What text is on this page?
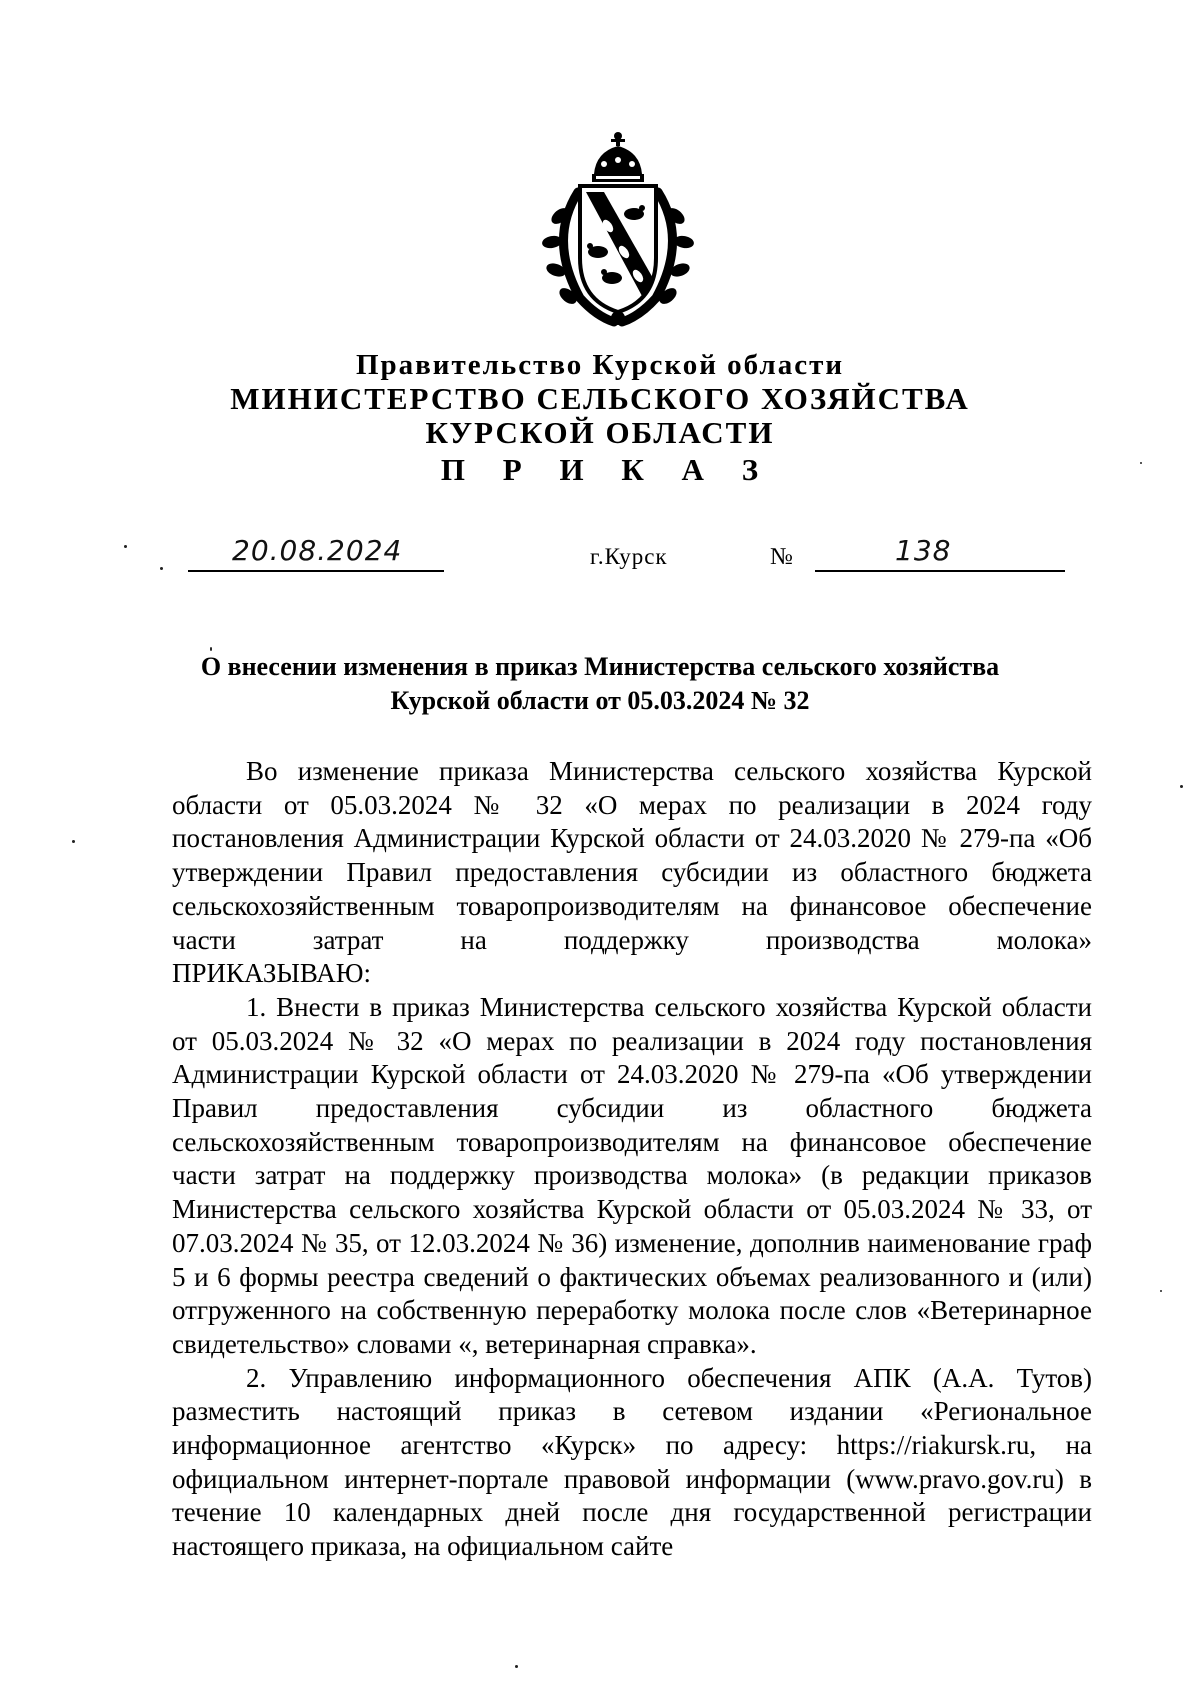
Правительство Курской области
МИНИСТЕРСТВО СЕЛЬСКОГО ХОЗЯЙСТВА
КУРСКОЙ ОБЛАСТИ
П Р И К А З
20.08.2024	г.Курск	№	138
О внесении изменения в приказ Министерства сельского хозяйства
Курской области от 05.03.2024 № 32

Во изменение приказа Министерства сельского хозяйства Курской области от 05.03.2024 № 32 «О мерах по реализации в 2024 году постановления Администрации Курской области от 24.03.2020 № 279-па «Об утверждении Правил предоставления субсидии из областного бюджета сельскохозяйственным товаропроизводителям на финансовое обеспечение части затрат на поддержку производства молока»

ПРИКАЗЫВАЮ:

1. Внести в приказ Министерства сельского хозяйства Курской области от 05.03.2024 № 32 «О мерах по реализации в 2024 году постановления Администрации Курской области от 24.03.2020 № 279-па «Об утверждении Правил предоставления субсидии из областного бюджета сельскохозяйственным товаропроизводителям на финансовое обеспечение части затрат на поддержку производства молока» (в редакции приказов Министерства сельского хозяйства Курской области от 05.03.2024 № 33, от 07.03.2024 № 35, от 12.03.2024 № 36) изменение, дополнив наименование граф 5 и 6 формы реестра сведений о фактических объемах реализованного и (или) отгруженного на собственную переработку молока после слов «Ветеринарное свидетельство» словами «, ветеринарная справка».

2. Управлению информационного обеспечения АПК (А.А. Тутов) разместить настоящий приказ в сетевом издании «Региональное информационное агентство «Курск» по адресу: https://riakursk.ru, на официальном интернет-портале правовой информации (www.pravo.gov.ru) в течение 10 календарных дней после дня государственной регистрации настоящего приказа, на официальном сайте
